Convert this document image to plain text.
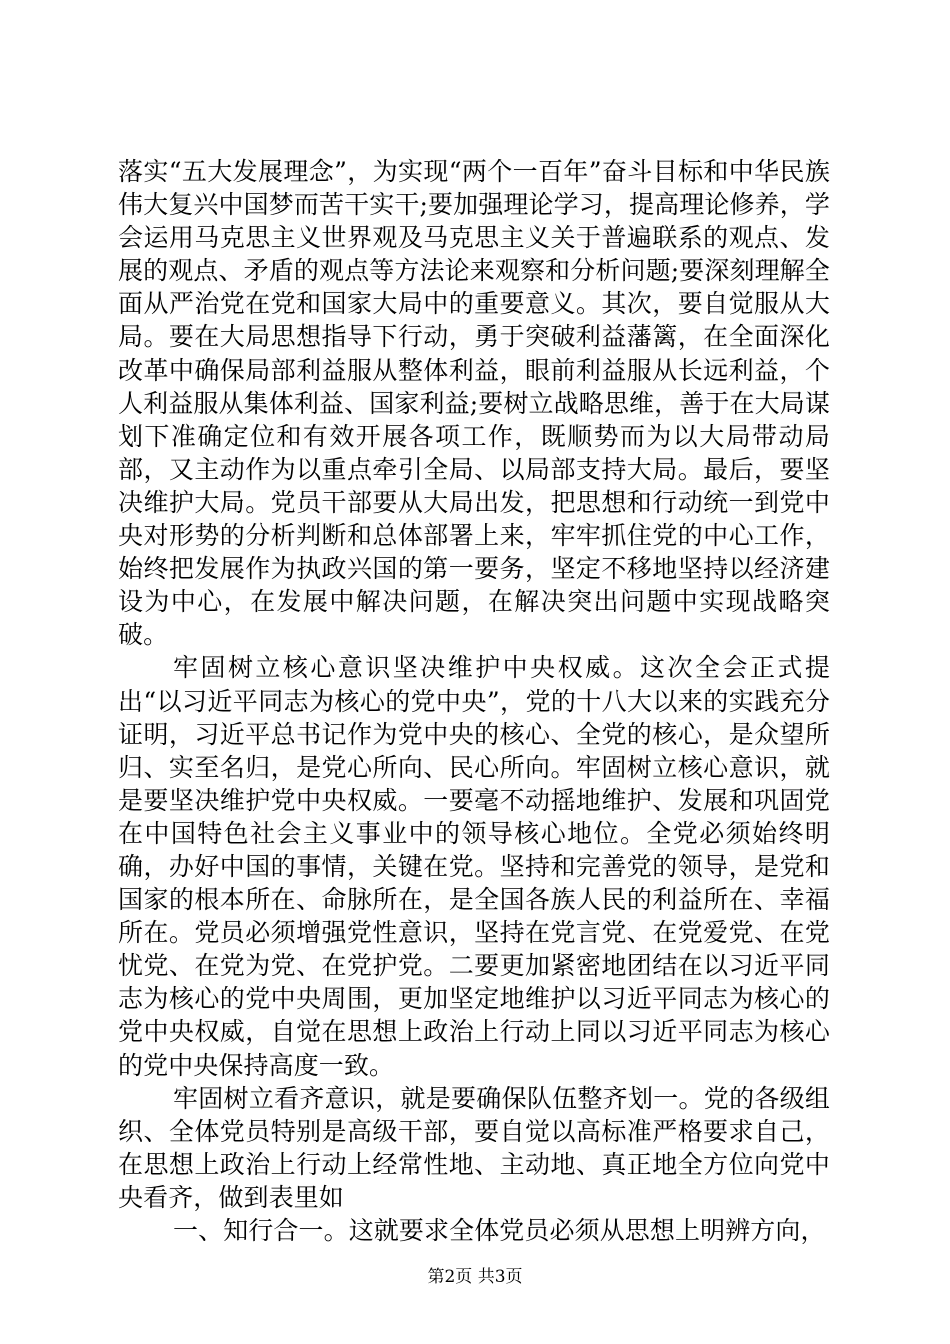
落实“五大发展理念”，为实现“两个一百年”奋斗目标和中华民族伟大复兴中国梦而苦干实干;要加强理论学习，提高理论修养，学会运用马克思主义世界观及马克思主义关于普遍联系的观点、发展的观点、矛盾的观点等方法论来观察和分析问题;要深刻理解全面从严治党在党和国家大局中的重要意义。其次，要自觉服从大局。要在大局思想指导下行动，勇于突破利益藩篱，在全面深化改革中确保局部利益服从整体利益，眼前利益服从长远利益，个人利益服从集体利益、国家利益;要树立战略思维，善于在大局谋划下准确定位和有效开展各项工作，既顺势而为以大局带动局部，又主动作为以重点牵引全局、以局部支持大局。最后，要坚决维护大局。党员干部要从大局出发，把思想和行动统一到党中央对形势的分析判断和总体部署上来，牢牢抓住党的中心工作，始终把发展作为执政兴国的第一要务，坚定不移地坚持以经济建设为中心，在发展中解决问题，在解决突出问题中实现战略突破。

牢固树立核心意识坚决维护中央权威。这次全会正式提出“以习近平同志为核心的党中央”，党的十八大以来的实践充分证明，习近平总书记作为党中央的核心、全党的核心，是众望所归、实至名归，是党心所向、民心所向。牢固树立核心意识，就是要坚决维护党中央权威。一要毫不动摇地维护、发展和巩固党在中国特色社会主义事业中的领导核心地位。全党必须始终明确，办好中国的事情，关键在党。坚持和完善党的领导，是党和国家的根本所在、命脉所在，是全国各族人民的利益所在、幸福所在。党员必须增强党性意识，坚持在党言党、在党爱党、在党忧党、在党为党、在党护党。二要更加紧密地团结在以习近平同志为核心的党中央周围，更加坚定地维护以习近平同志为核心的党中央权威，自觉在思想上政治上行动上同以习近平同志为核心的党中央保持高度一致。

牢固树立看齐意识，就是要确保队伍整齐划一。党的各级组织、全体党员特别是高级干部，要自觉以高标准严格要求自己，在思想上政治上行动上经常性地、主动地、真正地全方位向党中央看齐，做到表里如

一、知行合一。这就要求全体党员必须从思想上明辨方向，

第2页 共3页
